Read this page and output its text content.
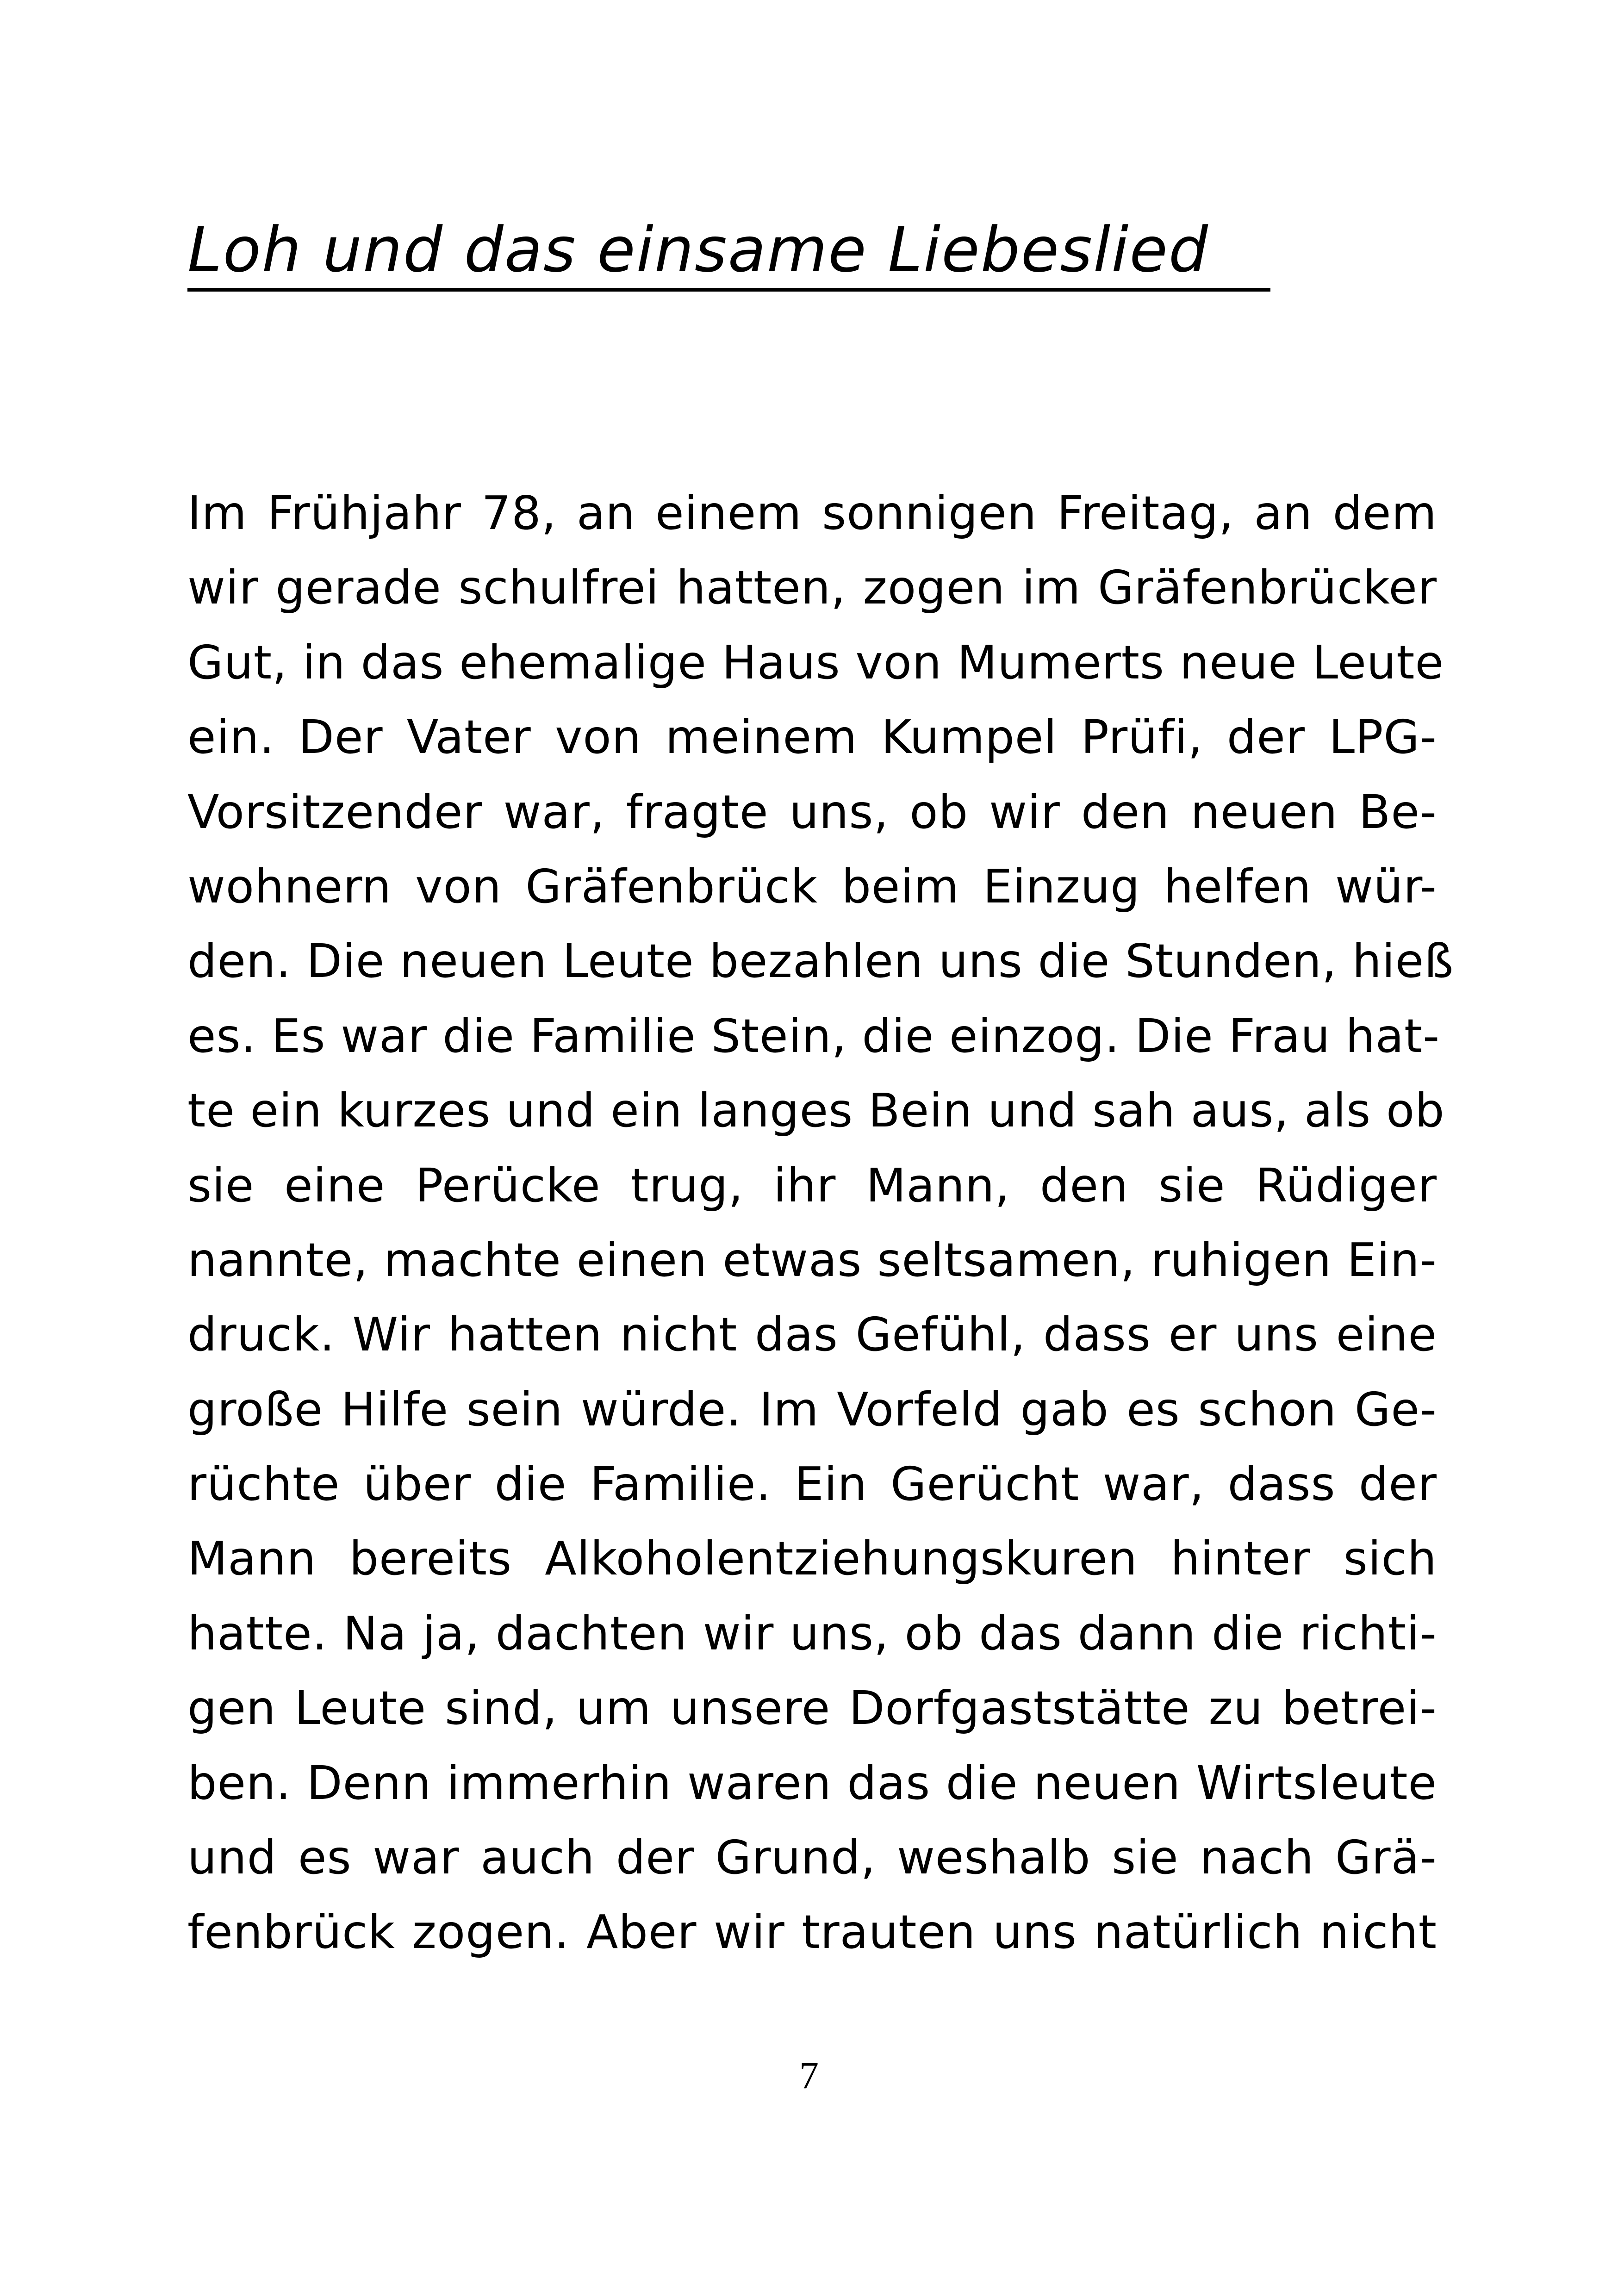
Loh und das einsame Liebeslied
Im Frühjahr 78, an einem sonnigen Freitag, an dem
wir gerade schulfrei hatten, zogen im Gräfenbrücker
Gut, in das ehemalige Haus von Mumerts neue Leute
ein. Der Vater von meinem Kumpel Prüfi, der LPG-
Vorsitzender war, fragte uns, ob wir den neuen Be-
wohnern von Gräfenbrück beim Einzug helfen wür-
den. Die neuen Leute bezahlen uns die Stunden, hieß
es. Es war die Familie Stein, die einzog. Die Frau hat-
te ein kurzes und ein langes Bein und sah aus, als ob
sie eine Perücke trug, ihr Mann, den sie Rüdiger
nannte, machte einen etwas seltsamen, ruhigen Ein-
druck. Wir hatten nicht das Gefühl, dass er uns eine
große Hilfe sein würde. Im Vorfeld gab es schon Ge-
rüchte über die Familie. Ein Gerücht war, dass der
Mann bereits Alkoholentziehungskuren hinter sich
hatte. Na ja, dachten wir uns, ob das dann die richti-
gen Leute sind, um unsere Dorfgaststätte zu betrei-
ben. Denn immerhin waren das die neuen Wirtsleute
und es war auch der Grund, weshalb sie nach Grä-
fenbrück zogen. Aber wir trauten uns natürlich nicht
7
